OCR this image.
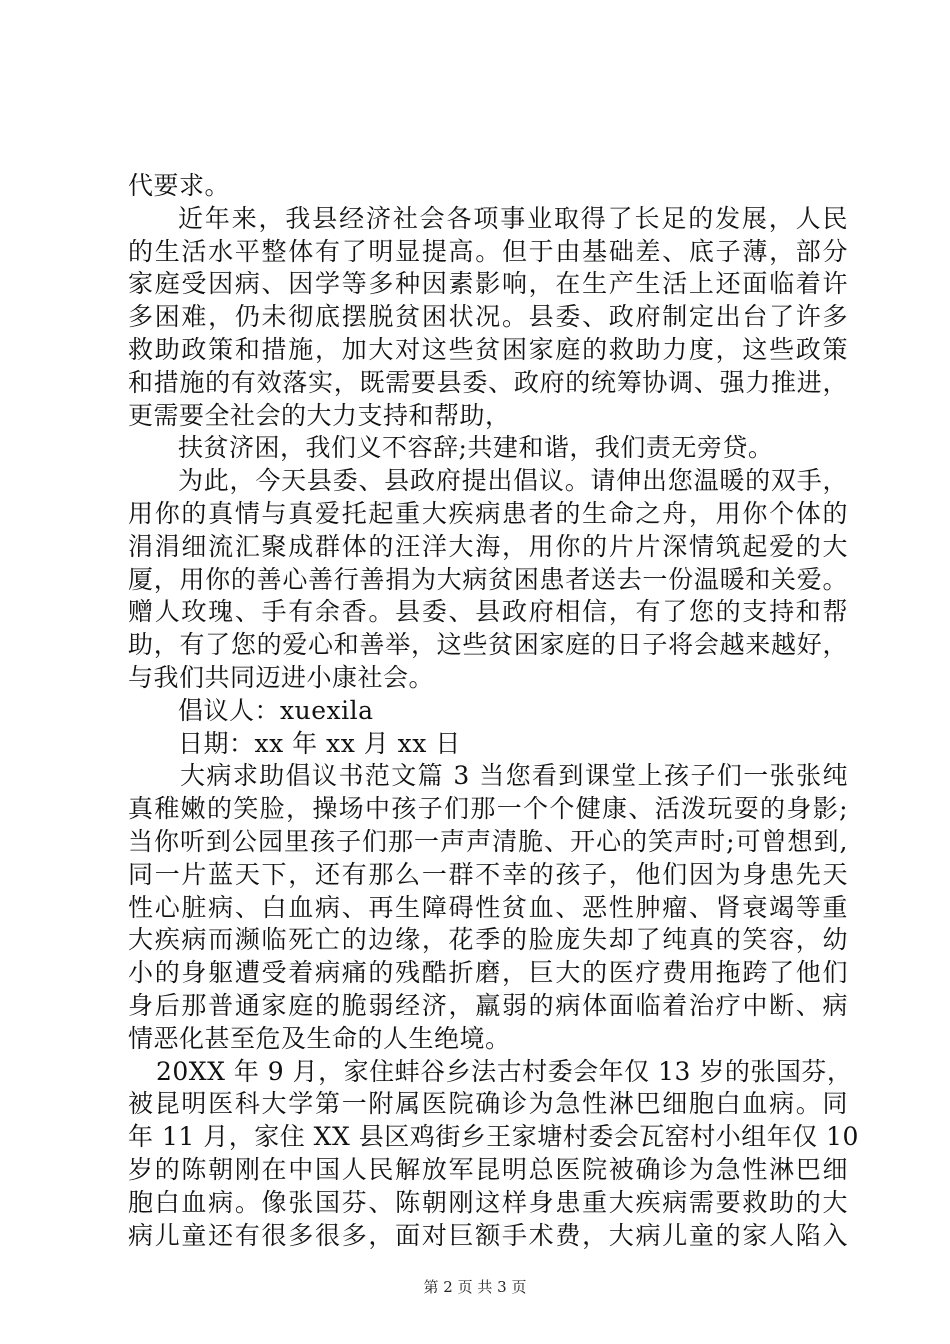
代要求。
近年来，我县经济社会各项事业取得了长足的发展，人民
的生活水平整体有了明显提高。但于由基础差、底子薄，部分
家庭受因病、因学等多种因素影响，在生产生活上还面临着许
多困难，仍未彻底摆脱贫困状况。县委、政府制定出台了许多
救助政策和措施，加大对这些贫困家庭的救助力度，这些政策
和措施的有效落实，既需要县委、政府的统筹协调、强力推进，
更需要全社会的大力支持和帮助，
扶贫济困，我们义不容辞;共建和谐，我们责无旁贷。
为此，今天县委、县政府提出倡议。请伸出您温暖的双手，
用你的真情与真爱托起重大疾病患者的生命之舟，用你个体的
涓涓细流汇聚成群体的汪洋大海，用你的片片深情筑起爱的大
厦，用你的善心善行善捐为大病贫困患者送去一份温暖和关爱。
赠人玫瑰、手有余香。县委、县政府相信，有了您的支持和帮
助，有了您的爱心和善举，这些贫困家庭的日子将会越来越好，
与我们共同迈进小康社会。
倡议人：xuexila
日期：xx 年 xx 月 xx 日
大病求助倡议书范文篇 3 当您看到课堂上孩子们一张张纯
真稚嫩的笑脸，操场中孩子们那一个个健康、活泼玩耍的身影;
当你听到公园里孩子们那一声声清脆、开心的笑声时;可曾想到,
同一片蓝天下，还有那么一群不幸的孩子，他们因为身患先天
性心脏病、白血病、再生障碍性贫血、恶性肿瘤、肾衰竭等重
大疾病而濒临死亡的边缘，花季的脸庞失却了纯真的笑容，幼
小的身躯遭受着病痛的残酷折磨，巨大的医疗费用拖跨了他们
身后那普通家庭的脆弱经济，羸弱的病体面临着治疗中断、病
情恶化甚至危及生命的人生绝境。
20XX 年 9 月，家住蚌谷乡法古村委会年仅 13 岁的张国芬，
被昆明医科大学第一附属医院确诊为急性淋巴细胞白血病。同
年 11 月，家住 XX 县区鸡街乡王家塘村委会瓦窑村小组年仅 10
岁的陈朝刚在中国人民解放军昆明总医院被确诊为急性淋巴细
胞白血病。像张国芬、陈朝刚这样身患重大疾病需要救助的大
病儿童还有很多很多，面对巨额手术费，大病儿童的家人陷入
第 2 页 共 3 页
